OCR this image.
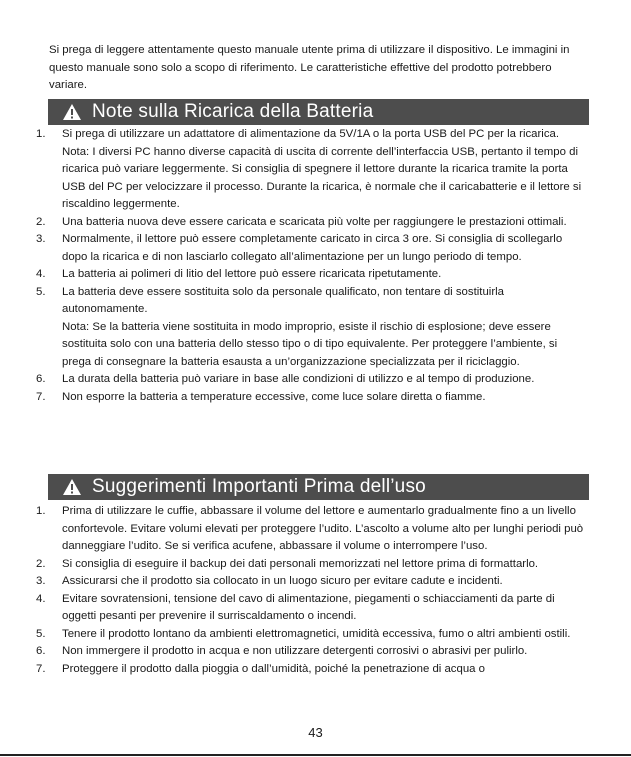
Si prega di leggere attentamente questo manuale utente prima di utilizzare il dispositivo. Le immagini in questo manuale sono solo a scopo di riferimento. Le caratteristiche effettive del prodotto potrebbero variare.

Note sulla Ricarica della Batteria
1. Si prega di utilizzare un adattatore di alimentazione da 5V/1A o la porta USB del PC per la ricarica.
Nota: I diversi PC hanno diverse capacità di uscita di corrente dell’interfaccia USB, pertanto il tempo di ricarica può variare leggermente. Si consiglia di spegnere il lettore durante la ricarica tramite la porta USB del PC per velocizzare il processo. Durante la ricarica, è normale che il caricabatterie e il lettore si riscaldino leggermente.
2. Una batteria nuova deve essere caricata e scaricata più volte per raggiungere le prestazioni ottimali.
3. Normalmente, il lettore può essere completamente caricato in circa 3 ore. Si consiglia di scollegarlo dopo la ricarica e di non lasciarlo collegato all’alimentazione per un lungo periodo di tempo.
4. La batteria ai polimeri di litio del lettore può essere ricaricata ripetutamente.
5. La batteria deve essere sostituita solo da personale qualificato, non tentare di sostituirla autonomamente.
Nota: Se la batteria viene sostituita in modo improprio, esiste il rischio di esplosione; deve essere sostituita solo con una batteria dello stesso tipo o di tipo equivalente. Per proteggere l’ambiente, si prega di consegnare la batteria esausta a un’organizzazione specializzata per il riciclaggio.
6. La durata della batteria può variare in base alle condizioni di utilizzo e al tempo di produzione.
7. Non esporre la batteria a temperature eccessive, come luce solare diretta o fiamme.
Suggerimenti Importanti Prima dell’uso
1. Prima di utilizzare le cuffie, abbassare il volume del lettore e aumentarlo gradualmente fino a un livello confortevole. Evitare volumi elevati per proteggere l’udito. L’ascolto a volume alto per lunghi periodi può danneggiare l’udito. Se si verifica acufene, abbassare il volume o interrompere l’uso.
2. Si consiglia di eseguire il backup dei dati personali memorizzati nel lettore prima di formattarlo.
3. Assicurarsi che il prodotto sia collocato in un luogo sicuro per evitare cadute e incidenti.
4. Evitare sovratensioni, tensione del cavo di alimentazione, piegamenti o schiacciamenti da parte di oggetti pesanti per prevenire il surriscaldamento o incendi.
5. Tenere il prodotto lontano da ambienti elettromagnetici, umidità eccessiva, fumo o altri ambienti ostili.
6. Non immergere il prodotto in acqua e non utilizzare detergenti corrosivi o abrasivi per pulirlo.
7. Proteggere il prodotto dalla pioggia o dall’umidità, poiché la penetrazione di acqua o
43
